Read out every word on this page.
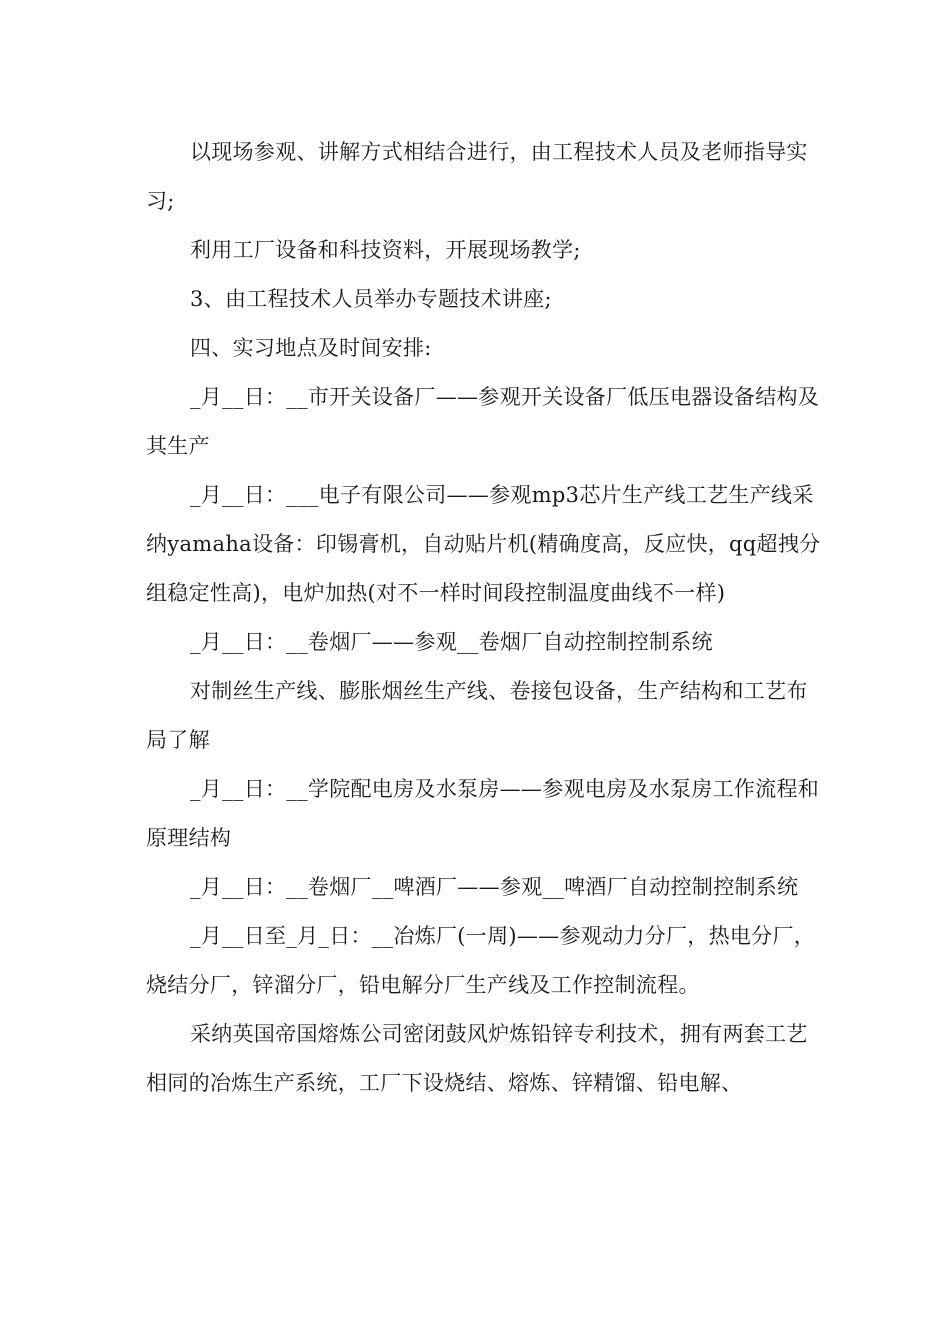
以现场参观、讲解方式相结合进行，由工程技术人员及老师指导实习;

利用工厂设备和科技资料，开展现场教学;

3、由工程技术人员举办专题技术讲座;

四、实习地点及时间安排:

_月__日：__市开关设备厂——参观开关设备厂低压电器设备结构及其生产

_月__日：___电子有限公司——参观mp3芯片生产线工艺生产线采纳yamaha设备：印锡膏机，自动贴片机(精确度高，反应快，qq超拽分组稳定性高)，电炉加热(对不一样时间段控制温度曲线不一样)

_月__日：__卷烟厂——参观__卷烟厂自动控制控制系统

对制丝生产线、膨胀烟丝生产线、卷接包设备，生产结构和工艺布局了解

_月__日：__学院配电房及水泵房——参观电房及水泵房工作流程和原理结构

_月__日：__卷烟厂__啤酒厂——参观__啤酒厂自动控制控制系统

_月__日至_月_日：__冶炼厂(一周)——参观动力分厂，热电分厂，烧结分厂，锌溜分厂，铅电解分厂生产线及工作控制流程。

采纳英国帝国熔炼公司密闭鼓风炉炼铅锌专利技术，拥有两套工艺相同的冶炼生产系统，工厂下设烧结、熔炼、锌精馏、铅电解、
